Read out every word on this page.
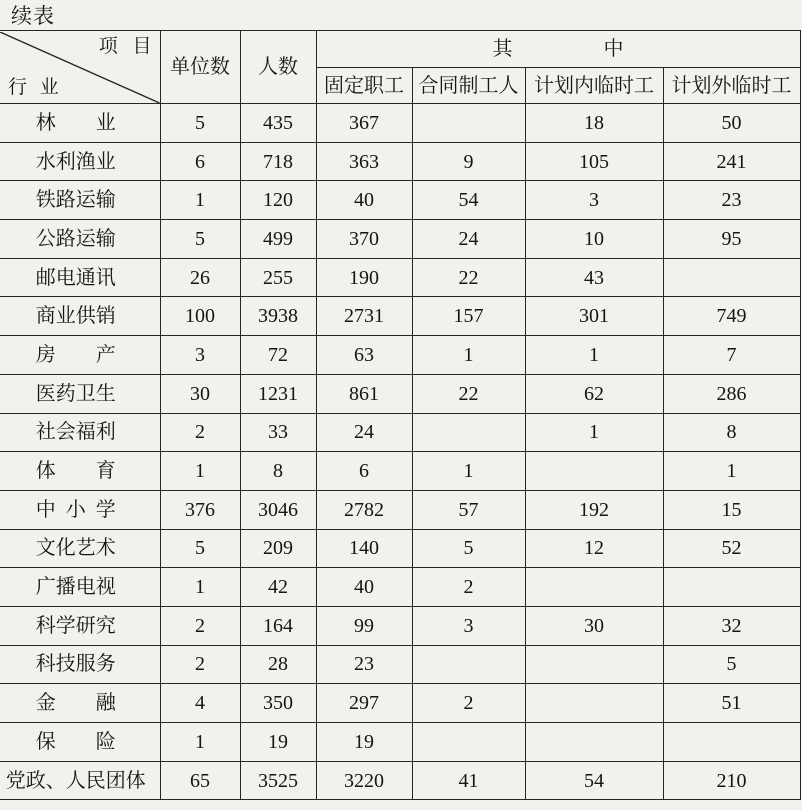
续表
项 目
行 业	单位数	人数	其 中			
			固定职工	合同制工人	计划内临时工	计划外临时工
林 业	5	435	367		18	50
水利渔业	6	718	363	9	105	241
铁路运输	1	120	40	54	3	23
公路运输	5	499	370	24	10	95
邮电通讯	26	255	190	22	43	
商业供销	100	3938	2731	157	301	749
房 产	3	72	63	1	1	7
医药卫生	30	1231	861	22	62	286
社会福利	2	33	24		1	8
体 育	1	8	6	1		1
中 小 学	376	3046	2782	57	192	15
文化艺术	5	209	140	5	12	52
广播电视	1	42	40	2		
科学研究	2	164	99	3	30	32
科技服务	2	28	23			5
金 融	4	350	297	2		51
保 险	1	19	19			
党政、人民团体	65	3525	3220	41	54	210
